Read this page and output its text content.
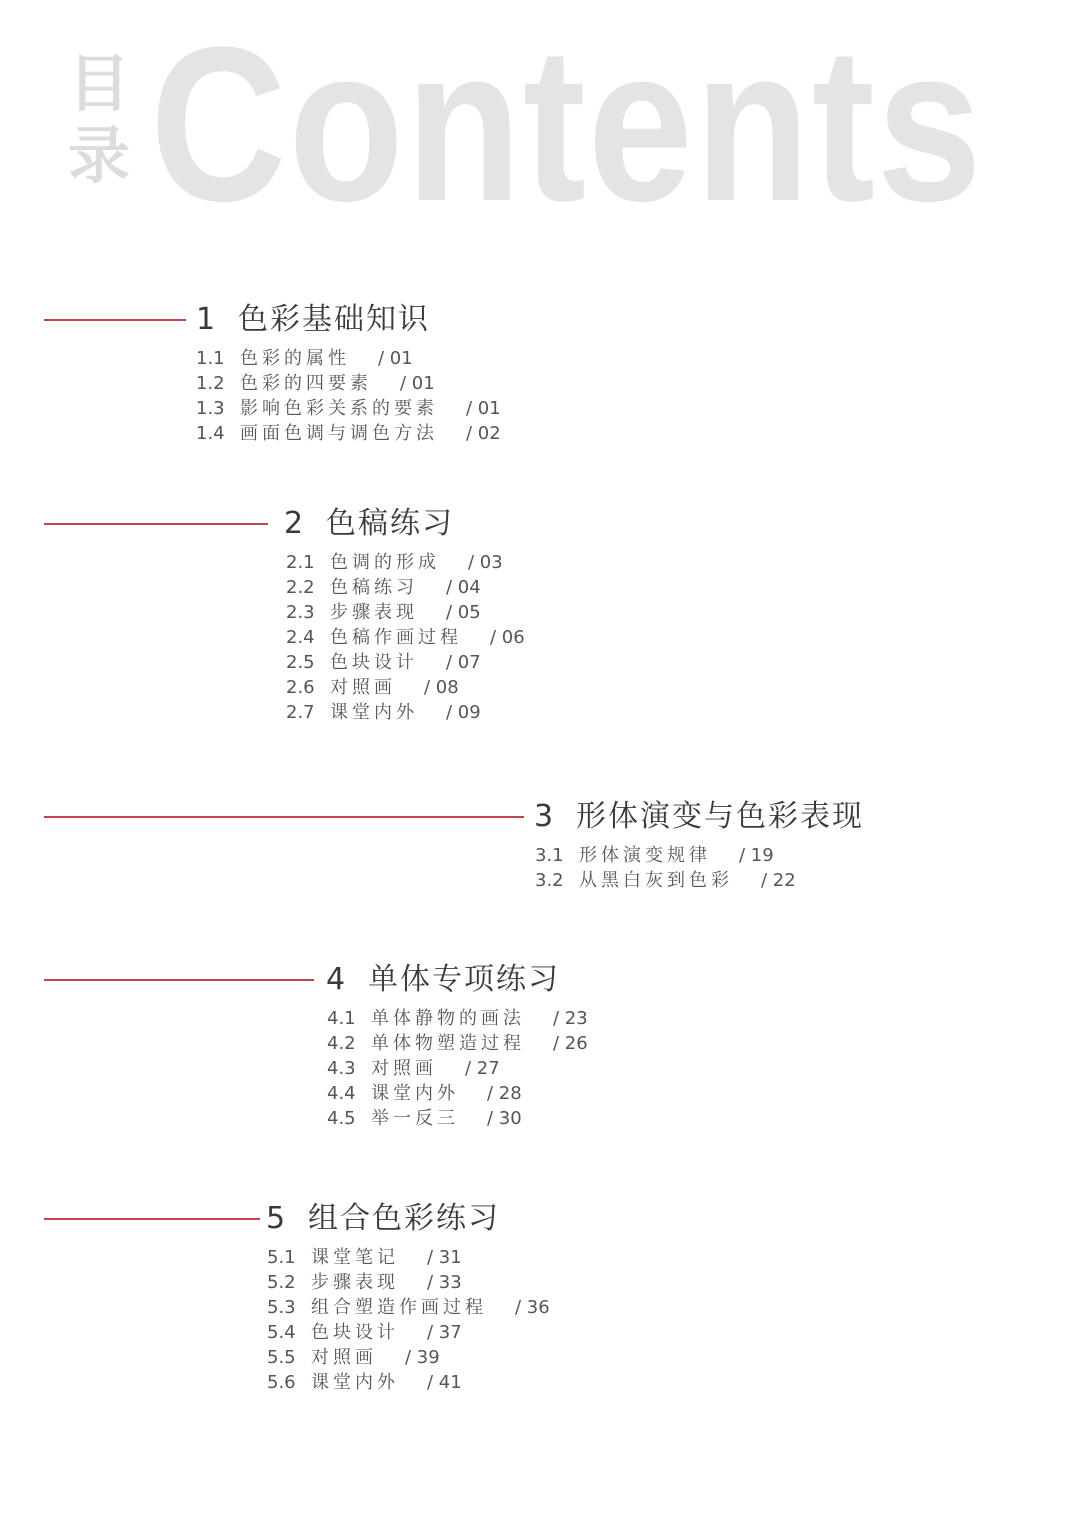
目
录 Contents
1 色彩基础知识
1.1 色彩的属性 / 01
1.2 色彩的四要素 / 01
1.3 影响色彩关系的要素 / 01
1.4 画面色调与调色方法 / 02
2 色稿练习
2.1 色调的形成 / 03
2.2 色稿练习 / 04
2.3 步骤表现 / 05
2.4 色稿作画过程 / 06
2.5 色块设计 / 07
2.6 对照画 / 08
2.7 课堂内外 / 09
3 形体演变与色彩表现
3.1 形体演变规律 / 19
3.2 从黑白灰到色彩 / 22
4 单体专项练习
4.1 单体静物的画法 / 23
4.2 单体物塑造过程 / 26
4.3 对照画 / 27
4.4 课堂内外 / 28
4.5 举一反三 / 30
5 组合色彩练习
5.1 课堂笔记 / 31
5.2 步骤表现 / 33
5.3 组合塑造作画过程 / 36
5.4 色块设计 / 37
5.5 对照画 / 39
5.6 课堂内外 / 41
